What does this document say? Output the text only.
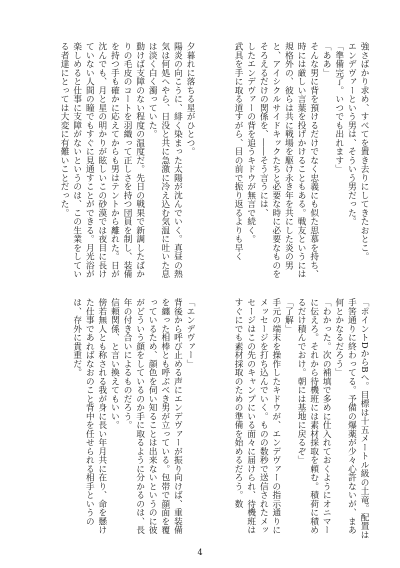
強さばかり求め、すべてを置き去りにしてきたおとこ。

エンデヴァーという男は、そういう男だった。

「準備完了。いつでも出れます」

「ああ」

そんな男に背を預けるだけでなく忠義にも似た思慕を持ち、時には厳しい言葉を投げかけることもある。戦友というには規格外の、彼らは共に戦場を駆け永き年を共にした炎の男と、アイシクルサイドキックたちと必要な時に必要なものをそろえるだけの関係を、――そう言うには、

したエンデヴァーの背を追うキドウが無言で続く。

武具を手に取る道すがら、目の前で振り返るよりも早く

夕暮れに落ちる星がひとつ。

陽炎の向こうに、緋く染まった太陽が沈んでいく。真昼の熱気は何処へやら、日没と共に急激に冷え込む気温に吐いた息は淡く白く濁っていた。

動けば支障のない程度の温度だ。先日の戦果で新調したばかりの毛皮のコートを羽織って正しさを持つ団員を制し、装備を持つ手も確かに応えてからも男はテントから離れた。日が沈んでも、月と星の明かりが眩しいこの砂漠では夜目に長けていない人間の瞳でもすぐに見通すことができる。月光浴が楽しめると仕事に支障がないというのは、この生業をしている者達にとっては大変に有難いことだった。

「ポイントDからBへ。目標は十五メートル級の土竜。配置は手筈通りに終わってる。予備の爆薬が少々心許ないが、まあ何とかなるだろう」

「わかった。次の補填で多めに仕入れておくようにオニマーに伝えろ。それから待機班には素材採取を頼む。積荷に積めるだけ積んでおけ。朝には基地に戻るぞ」

「了解」

手元の端末を操作したキドウが、エンデヴァーの指示通りにメッセージを打ち込んでいく。ものの数秒で送信されたメッセージはこの先のキャンプにいる面々に届けられ、待機班はすぐにでも素材採取のための準備を始めるだろう。数

「エンデヴァー」

背後から呼び止める声にエンデヴァーが振り向けば、重装備を纏った相棒とも呼ぶべき男が立っている。包帯で顔面を覆っているため、顔色を伺い知ることは出来ないというのに彼がどういう顔をしているのか手に取るように分かるのは、長年の付き合いによるものだろう。

信頼関係、と言い換えてもいい。

傍若無人とも称される我が身に長い年月共に在り、命を懸けた仕事であればなおのこと背中を任せられる相手というのは、存外に貴重だ。

4
